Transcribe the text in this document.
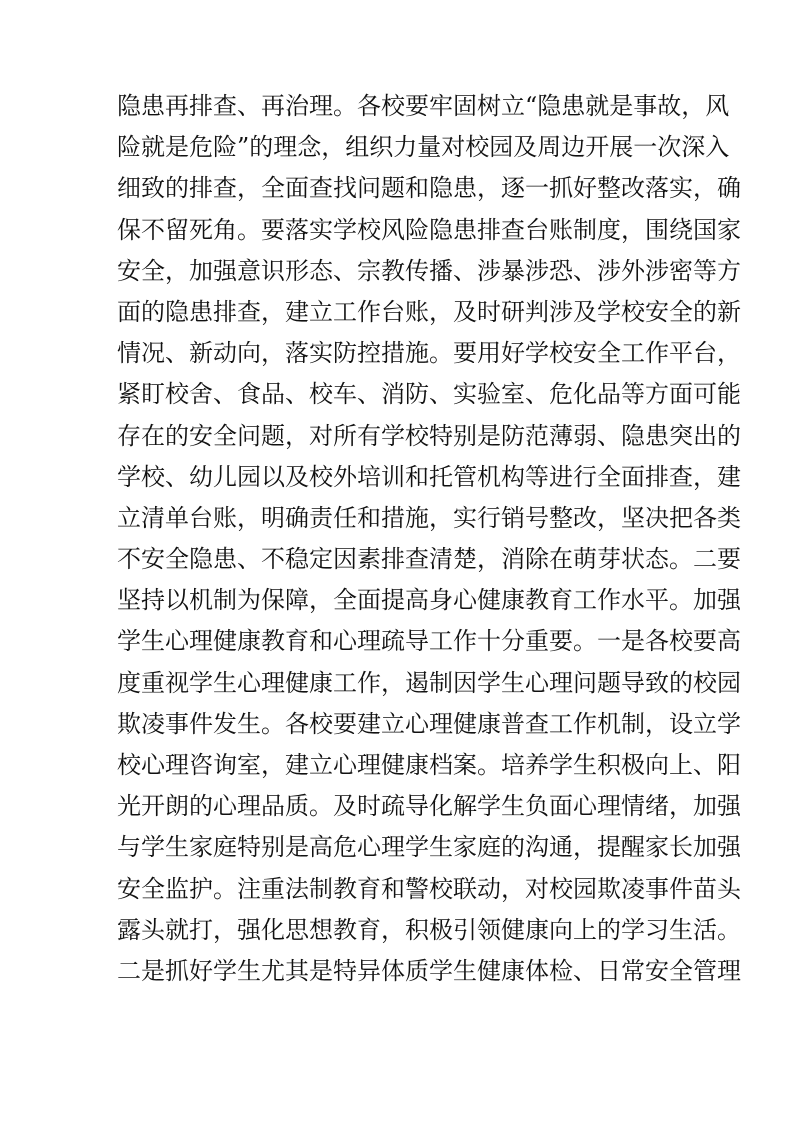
隐患再排查、再治理。各校要牢固树立“隐患就是事故，风
险就是危险”的理念，组织力量对校园及周边开展一次深入
细致的排查，全面查找问题和隐患，逐一抓好整改落实，确
保不留死角。要落实学校风险隐患排查台账制度，围绕国家
安全，加强意识形态、宗教传播、涉暴涉恐、涉外涉密等方
面的隐患排查，建立工作台账，及时研判涉及学校安全的新
情况、新动向，落实防控措施。要用好学校安全工作平台，
紧盯校舍、食品、校车、消防、实验室、危化品等方面可能
存在的安全问题，对所有学校特别是防范薄弱、隐患突出的
学校、幼儿园以及校外培训和托管机构等进行全面排查，建
立清单台账，明确责任和措施，实行销号整改，坚决把各类
不安全隐患、不稳定因素排查清楚，消除在萌芽状态。二要
坚持以机制为保障，全面提高身心健康教育工作水平。加强
学生心理健康教育和心理疏导工作十分重要。一是各校要高
度重视学生心理健康工作，遏制因学生心理问题导致的校园
欺凌事件发生。各校要建立心理健康普查工作机制，设立学
校心理咨询室，建立心理健康档案。培养学生积极向上、阳
光开朗的心理品质。及时疏导化解学生负面心理情绪，加强
与学生家庭特别是高危心理学生家庭的沟通，提醒家长加强
安全监护。注重法制教育和警校联动，对校园欺凌事件苗头
露头就打，强化思想教育，积极引领健康向上的学习生活。
二是抓好学生尤其是特异体质学生健康体检、日常安全管理
